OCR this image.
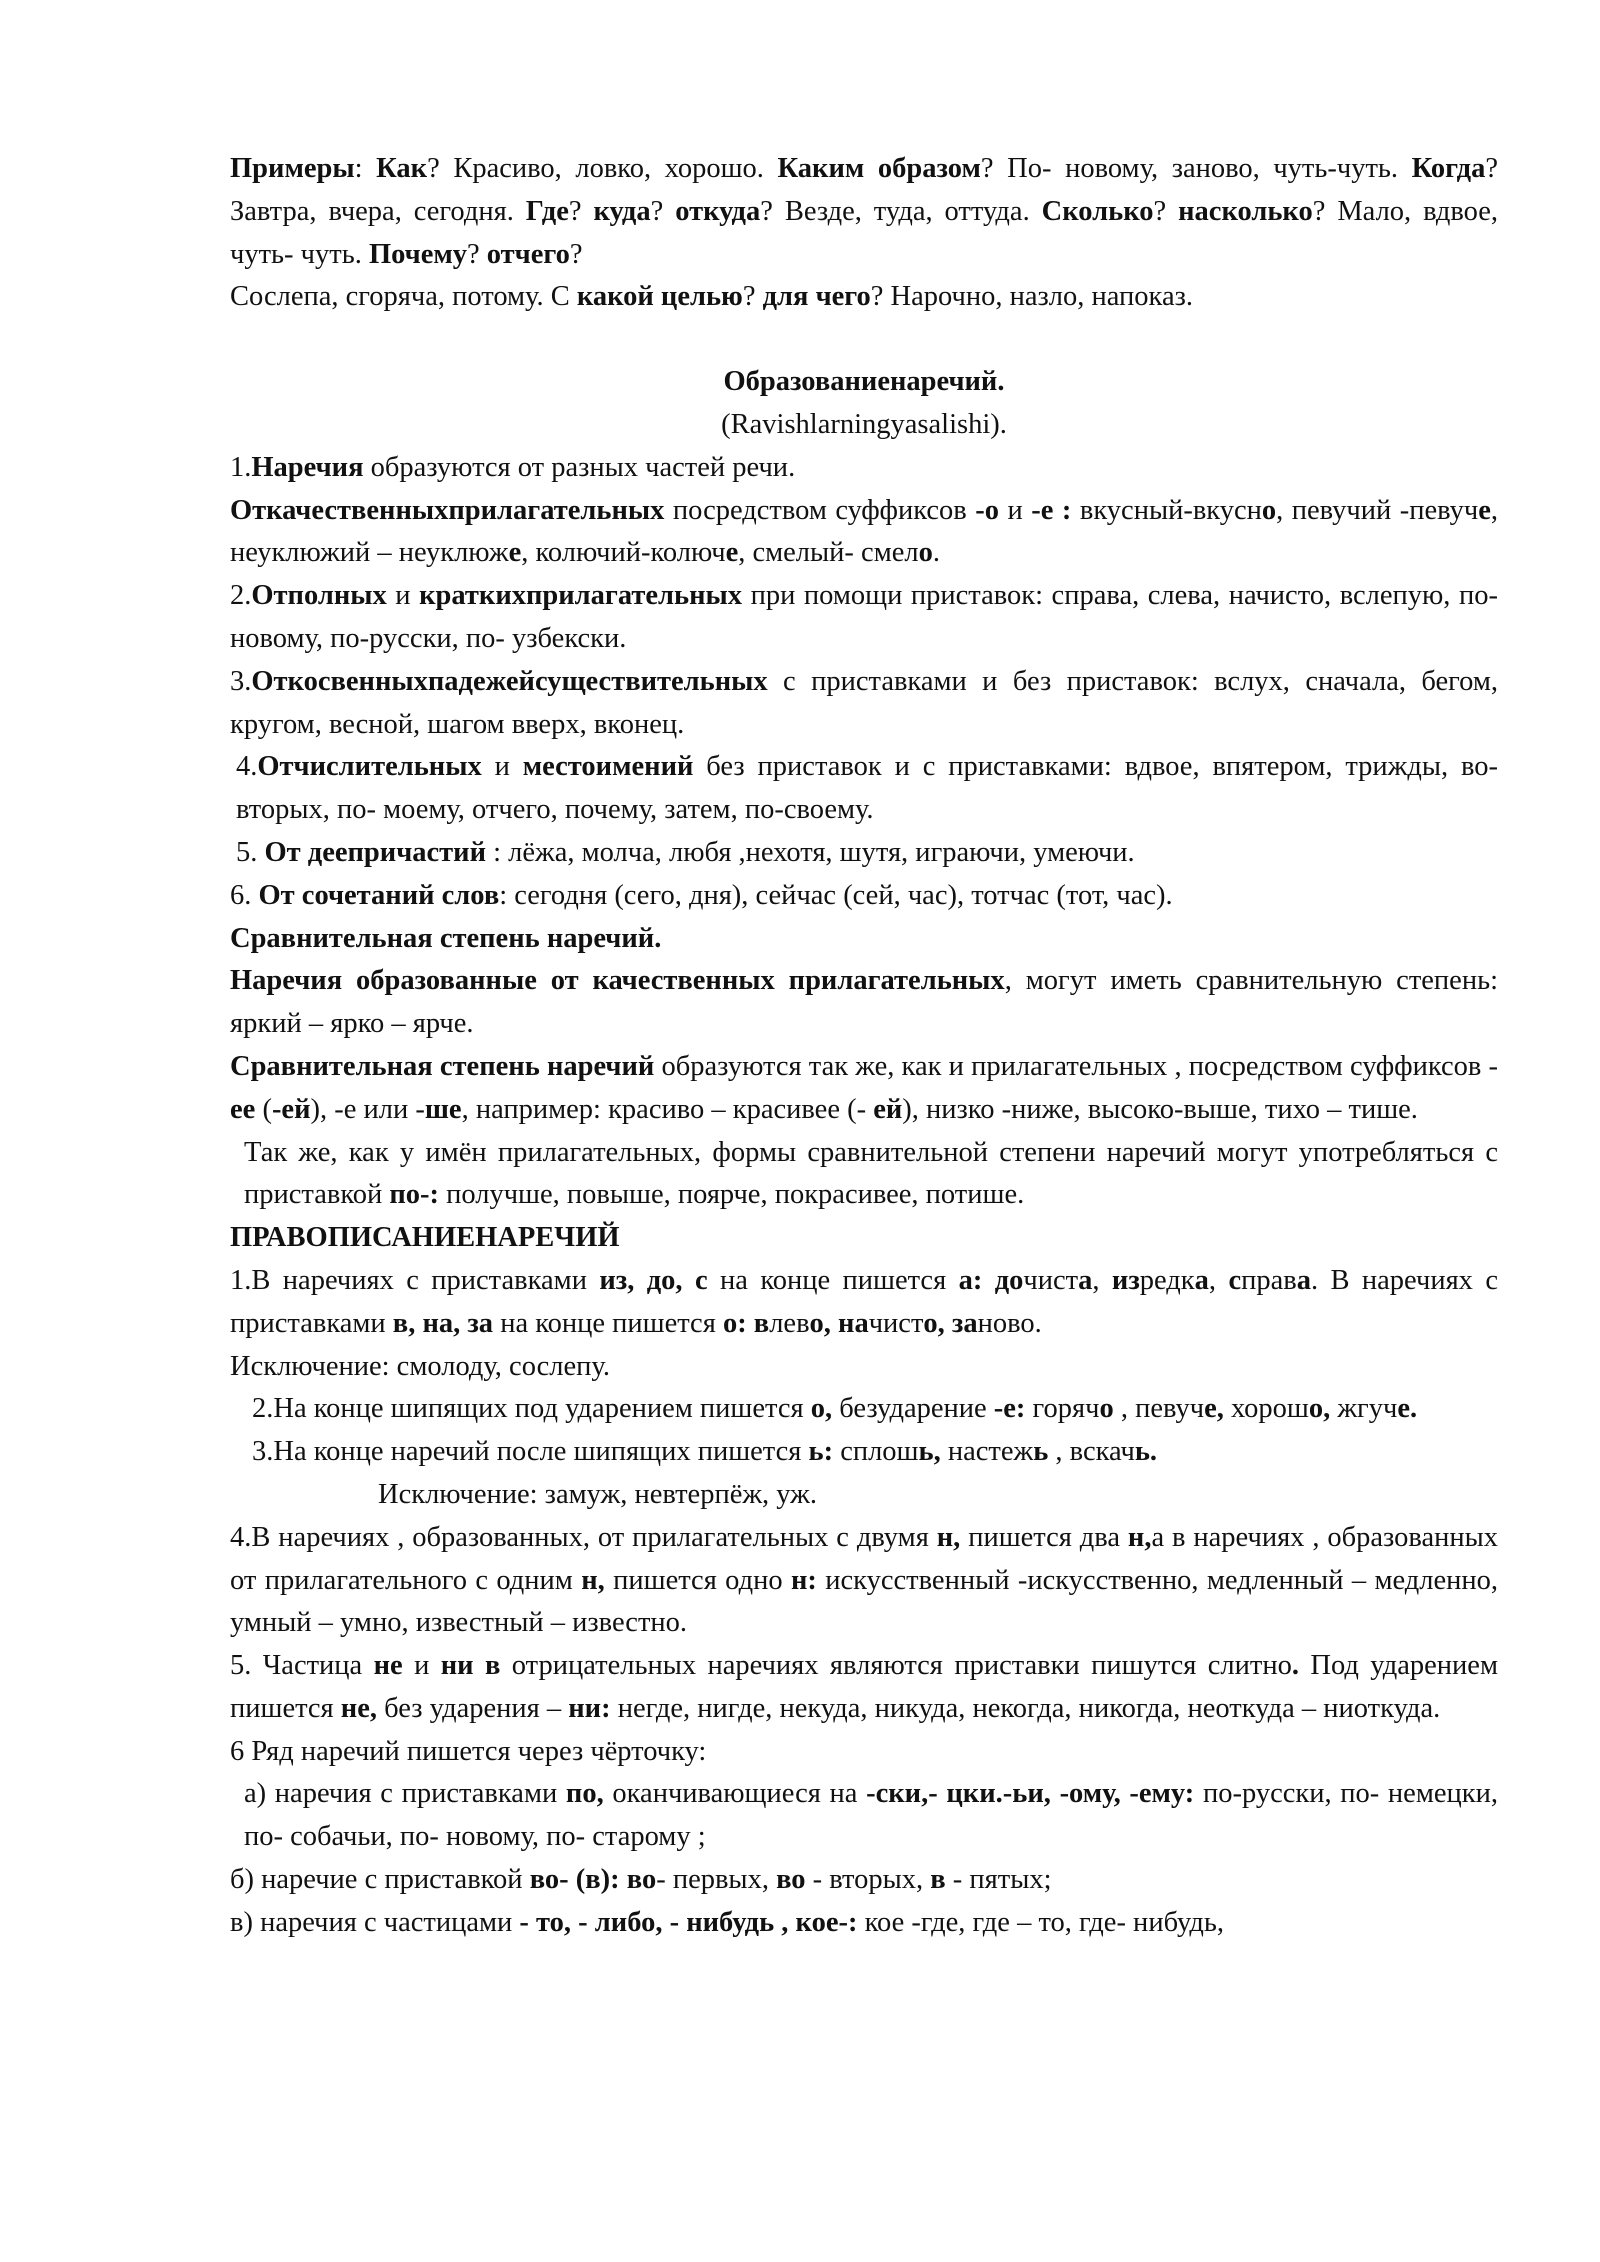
Примеры: Как? Красиво, ловко, хорошо. Каким образом? По- новому, заново, чуть-чуть. Когда? Завтра, вчера, сегодня. Где? куда? откуда? Везде, туда, оттуда. Сколько? насколько? Мало, вдвое, чуть- чуть. Почему? отчего?

Сослепа, сгоряча, потому. С какой целью? для чего? Нарочно, назло, напоказ.

Образованиенаречий.

(Ravishlarningyasalishi).

1.Наречия образуются от разных частей речи.

Откачественныхприлагательных посредством суффиксов -о и -е : вкусный-вкусно, певучий -певуче, неуклюжий – неуклюже, колючий-колюче, смелый- смело.

2.Отполных и краткихприлагательных при помощи приставок: справа, слева, начисто, вслепую, по- новому, по-русски, по- узбекски.

3.Откосвенныхпадежейсуществительных с приставками и без приставок: вслух, сначала, бегом, кругом, весной, шагом вверх, вконец.

4.Отчислительных и местоимений без приставок и с приставками: вдвое, впятером, трижды, во- вторых, по- моему, отчего, почему, затем, по-своему.

5. От деепричастий : лёжа, молча, любя ,нехотя, шутя, играючи, умеючи.

6. От сочетаний слов: сегодня (сего, дня), сейчас (сей, час), тотчас (тот, час).

Сравнительная степень наречий.

Наречия образованные от качественных прилагательных, могут иметь сравнительную степень: яркий – ярко – ярче.

Сравнительная степень наречий образуются так же, как и прилагательных , посредством суффиксов - ее (-ей), -е или -ше, например: красиво – красивее (- ей), низко -ниже, высоко-выше, тихо – тише.

Так же, как у имён прилагательных, формы сравнительной степени наречий могут употребляться с приставкой по-: получше, повыше, поярче, покрасивее, потише.

ПРАВОПИСАНИЕНАРЕЧИЙ

1.В наречиях с приставками из, до, с на конце пишется а: дочиста, изредка, справа. В наречиях с приставками в, на, за на конце пишется о: влево, начисто, заново.

Исключение: смолоду, сослепу.

2.На конце шипящих под ударением пишется о, безударение -е: горячо , певуче, хорошо, жгуче.

3.На конце наречий после шипящих пишется ь: сплошь, настежь , вскачь.

Исключение: замуж, невтерпёж, уж.

4.В наречиях , образованных, от прилагательных с двумя н, пишется два н,а в наречиях , образованных от прилагательного с одним н, пишется одно н: искусственный -искусственно, медленный – медленно, умный – умно, известный – известно.

5. Частица не и ни в отрицательных наречиях являются приставки пишутся слитно. Под ударением пишется не, без ударения – ни: негде, нигде, некуда, никуда, некогда, никогда, неоткуда – ниоткуда.

6 Ряд наречий пишется через чёрточку:

а) наречия с приставками по, оканчивающиеся на -ски,- цки.-ьи, -ому, -ему: по-русски, по- немецки, по- собачьи, по- новому, по- старому ;

б) наречие с приставкой во- (в): во- первых, во - вторых, в - пятых;

в) наречия с частицами - то, - либо, - нибудь , кое-: кое -где, где – то, где- нибудь,
